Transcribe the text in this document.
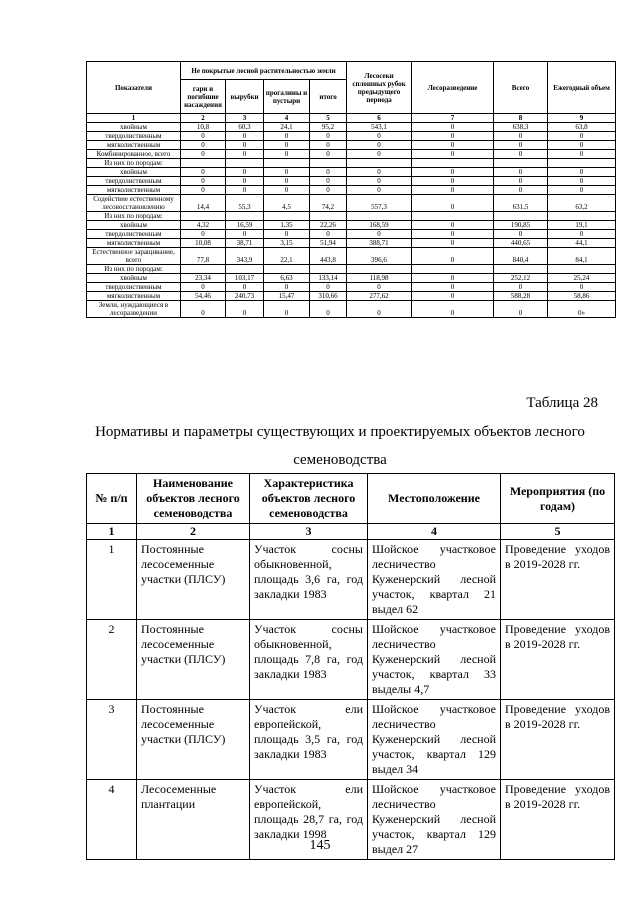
Показатели	Не покрытые лесной растительностью земли				Лесосеки сплошных рубок предыдущего периода	Лесоразведение	Всего	Ежегодный объем
	гари и погибшие насаждения	вырубки	прогалины и пустыри	итого				
1	2	3	4	5	6	7	8	9
хвойным	10,8	60,3	24,1	95,2	543,1	0	638,3	63,8
твердолиственным	0	0	0	0	0	0	0	0
мягколиственным	0	0	0	0	0	0	0	0
Комбинированное, всего	0	0	0	0	0	0	0	0
Из них по породам:								
хвойным	0	0	0	0	0	0	0	0
твердолиственным	0	0	0	0	0	0	0	0
мягколиственным	0	0	0	0	0	0	0	0
Содействие естественному лесовосстановлению	14,4	55,3	4,5	74,2	557,3	0	631,5	63,2
Из них по породам:								
хвойным	4,32	16,59	1,35	22,26	168,59	0	190,85	19,1
твердолиственным	0	0	0	0	0	0	0	0
мягколиственным	10,08	38,71	3,15	51,94	388,71	0	440,65	44,1
Естественное заращивание, всего	77,8	343,9	22,1	443,8	396,6	0	840,4	84,1
Из них по породам:								
хвойным	23,34	103,17	6,63	133,14	118,98	0	252,12	25,24
твердолиственным	0	0	0	0	0	0	0	0
мягколиственным	54,46	240,73	15,47	310,66	277,62	0	588,28	58,86
Земли, нуждающиеся в лесоразведении	0	0	0	0	0	0	0	0»
Таблица 28
Нормативы и параметры существующих и проектируемых объектов лесного
семеноводства
№ п/п	Наименование объектов лесного семеноводства	Характеристика объектов лесного семеноводства	Местоположение	Мероприятия (по годам)
1	2	3	4	5
1	Постоянные лесосеменные участки (ПЛСУ)	Участок сосны обыкновенной, площадь 3,6 га, год закладки 1983	Шойское участковое лесничество Куженерский лесной участок, квартал 21 выдел 62	Проведение уходов в 2019-2028 гг.
2	Постоянные лесосеменные участки (ПЛСУ)	Участок сосны обыкновенной, площадь 7,8 га, год закладки 1983	Шойское участковое лесничество Куженерский лесной участок, квартал 33 выделы 4,7	Проведение уходов в 2019-2028 гг.
3	Постоянные лесосеменные участки (ПЛСУ)	Участок ели европейской, площадь 3,5 га, год закладки 1983	Шойское участковое лесничество Куженерский лесной участок, квартал 129 выдел 34	Проведение уходов в 2019-2028 гг.
4	Лесосеменные плантации	Участок ели европейской, площадь 28,7 га, год закладки 1998	Шойское участковое лесничество Куженерский лесной участок, квартал 129 выдел 27	Проведение уходов в 2019-2028 гг.
145
